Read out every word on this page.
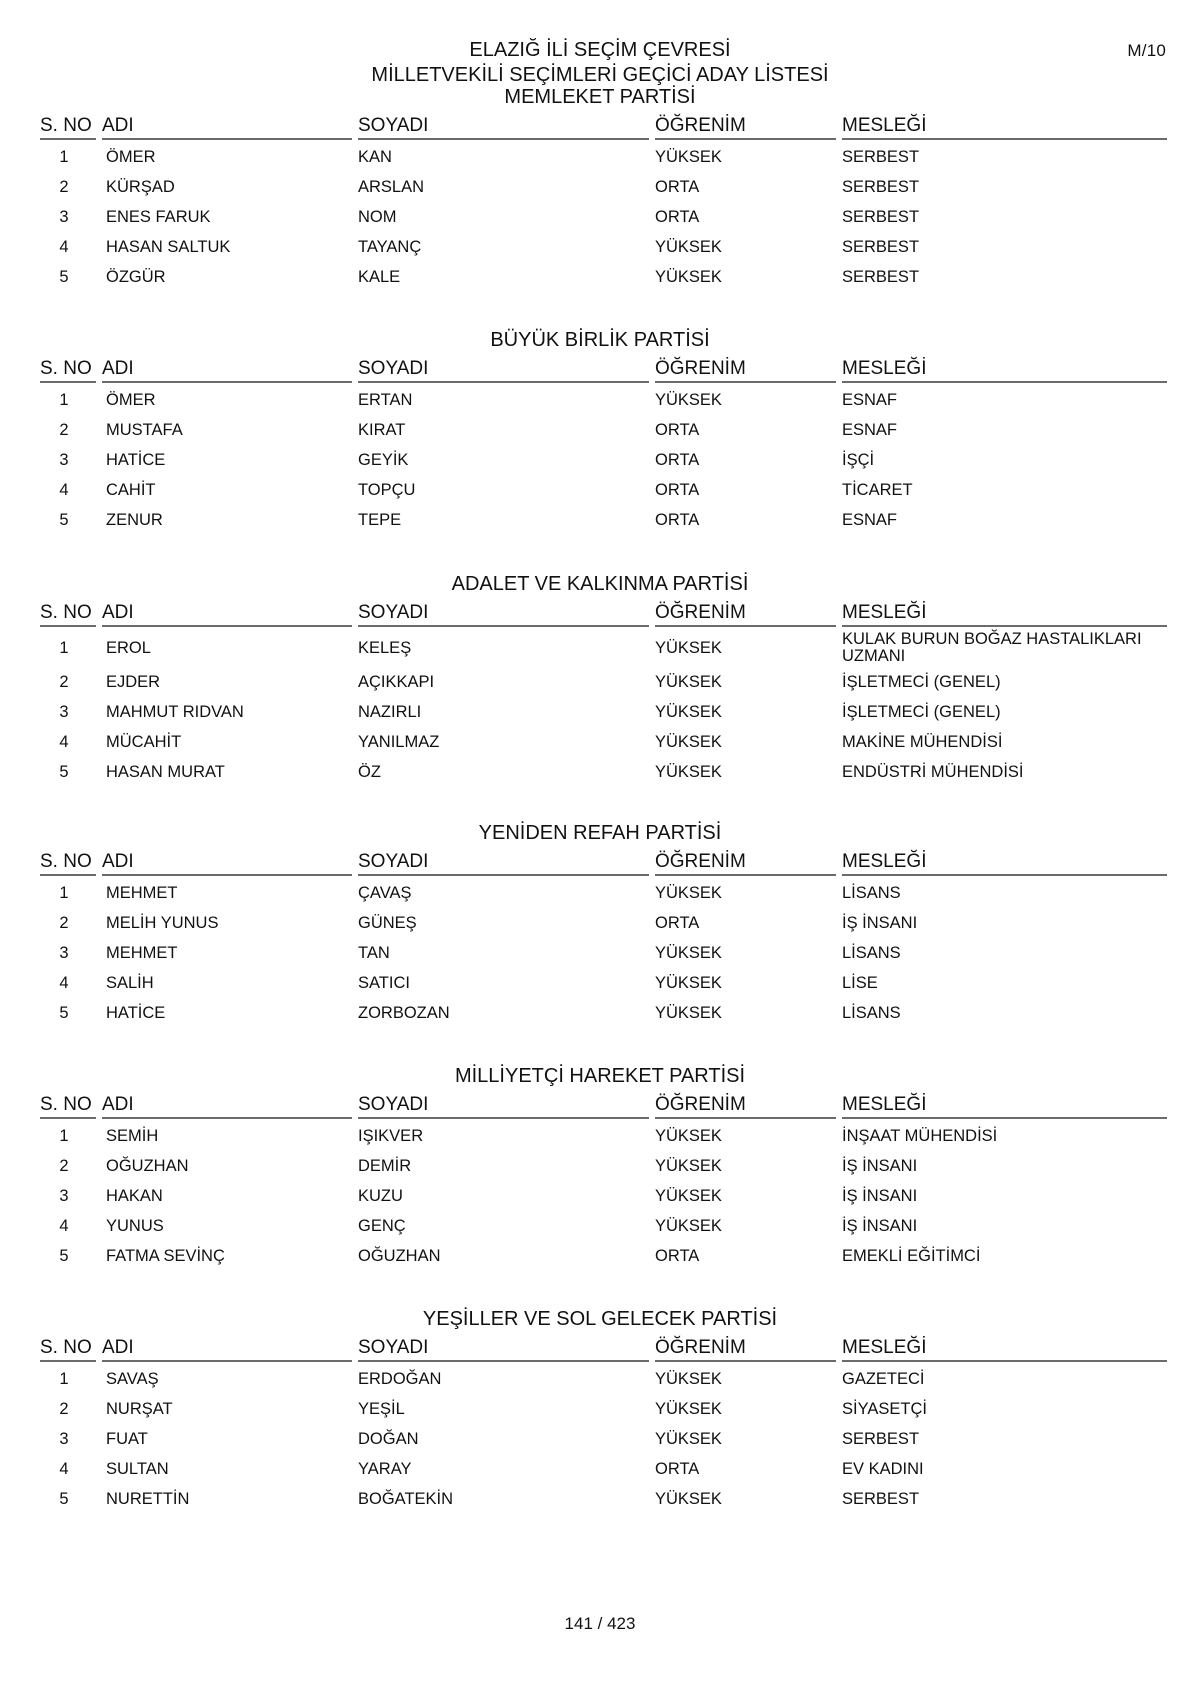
M/10
ELAZIĞ İLİ SEÇİM ÇEVRESİ
MİLLETVEKİLİ SEÇİMLERİ GEÇİCİ ADAY LİSTESİ
MEMLEKET PARTİSİ
S. NO	ADI	SOYADI	ÖĞRENİM	MESLEĞİ

1	ÖMER	KAN	YÜKSEK	SERBEST
2	KÜRŞAD	ARSLAN	ORTA	SERBEST
3	ENES FARUK	NOM	ORTA	SERBEST
4	HASAN SALTUK	TAYANÇ	YÜKSEK	SERBEST
5	ÖZGÜR	KALE	YÜKSEK	SERBEST
BÜYÜK BİRLİK PARTİSİ
S. NO	ADI	SOYADI	ÖĞRENİM	MESLEĞİ

1	ÖMER	ERTAN	YÜKSEK	ESNAF
2	MUSTAFA	KIRAT	ORTA	ESNAF
3	HATİCE	GEYİK	ORTA	İŞÇİ
4	CAHİT	TOPÇU	ORTA	TİCARET
5	ZENUR	TEPE	ORTA	ESNAF
ADALET VE KALKINMA PARTİSİ
S. NO	ADI	SOYADI	ÖĞRENİM	MESLEĞİ

1	EROL	KELEŞ	YÜKSEK	KULAK BURUN BOĞAZ HASTALIKLARI UZMANI
2	EJDER	AÇIKKAPI	YÜKSEK	İŞLETMECİ (GENEL)
3	MAHMUT RIDVAN	NAZIRLI	YÜKSEK	İŞLETMECİ (GENEL)
4	MÜCAHİT	YANILMAZ	YÜKSEK	MAKİNE MÜHENDİSİ
5	HASAN MURAT	ÖZ	YÜKSEK	ENDÜSTRİ MÜHENDİSİ
YENİDEN REFAH PARTİSİ
S. NO	ADI	SOYADI	ÖĞRENİM	MESLEĞİ

1	MEHMET	ÇAVAŞ	YÜKSEK	LİSANS
2	MELİH YUNUS	GÜNEŞ	ORTA	İŞ İNSANI
3	MEHMET	TAN	YÜKSEK	LİSANS
4	SALİH	SATICI	YÜKSEK	LİSE
5	HATİCE	ZORBOZAN	YÜKSEK	LİSANS
MİLLİYETÇİ HAREKET PARTİSİ
S. NO	ADI	SOYADI	ÖĞRENİM	MESLEĞİ

1	SEMİH	IŞIKVER	YÜKSEK	İNŞAAT MÜHENDİSİ
2	OĞUZHAN	DEMİR	YÜKSEK	İŞ İNSANI
3	HAKAN	KUZU	YÜKSEK	İŞ İNSANI
4	YUNUS	GENÇ	YÜKSEK	İŞ İNSANI
5	FATMA SEVİNÇ	OĞUZHAN	ORTA	EMEKLİ EĞİTİMCİ
YEŞİLLER VE SOL GELECEK PARTİSİ
S. NO	ADI	SOYADI	ÖĞRENİM	MESLEĞİ

1	SAVAŞ	ERDOĞAN	YÜKSEK	GAZETECİ
2	NURŞAT	YEŞİL	YÜKSEK	SİYASETÇİ
3	FUAT	DOĞAN	YÜKSEK	SERBEST
4	SULTAN	YARAY	ORTA	EV KADINI
5	NURETTİN	BOĞATEKİN	YÜKSEK	SERBEST
141 / 423
